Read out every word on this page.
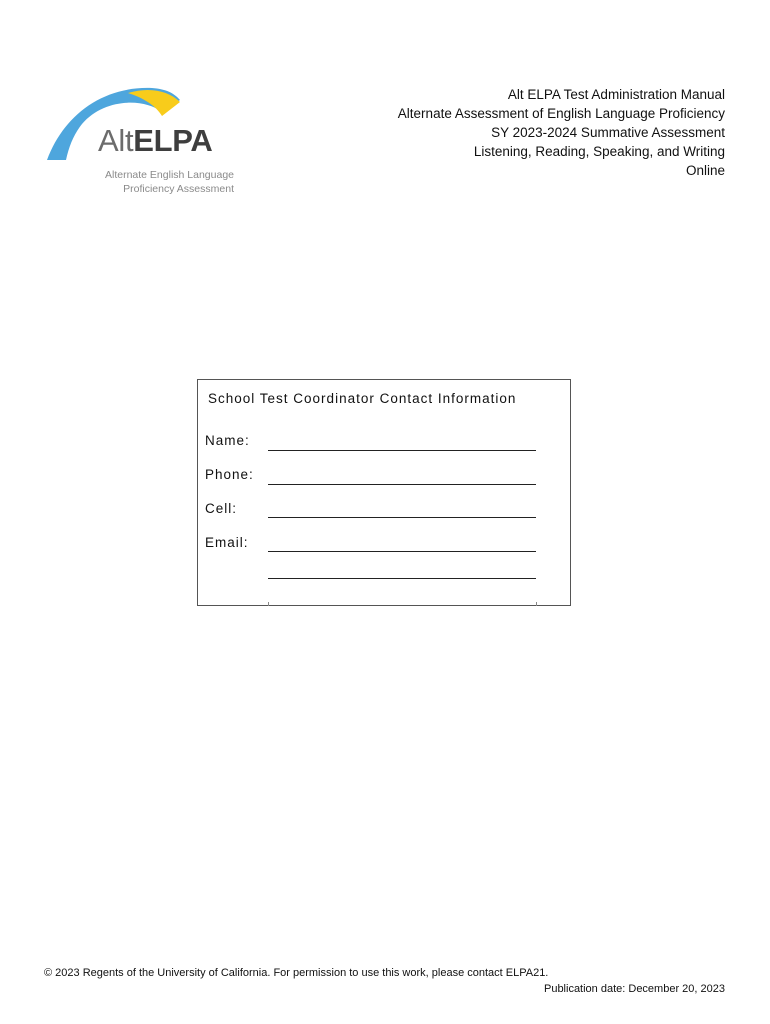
AltELPA
Alternate English Language
Proficiency Assessment
Alt ELPA Test Administration Manual
Alternate Assessment of English Language Proficiency
SY 2023-2024 Summative Assessment
Listening, Reading, Speaking, and Writing
Online
School Test Coordinator Contact Information
Name:
Phone:
Cell:
Email:
© 2023 Regents of the University of California. For permission to use this work, please contact ELPA21.
Publication date: December 20, 2023
